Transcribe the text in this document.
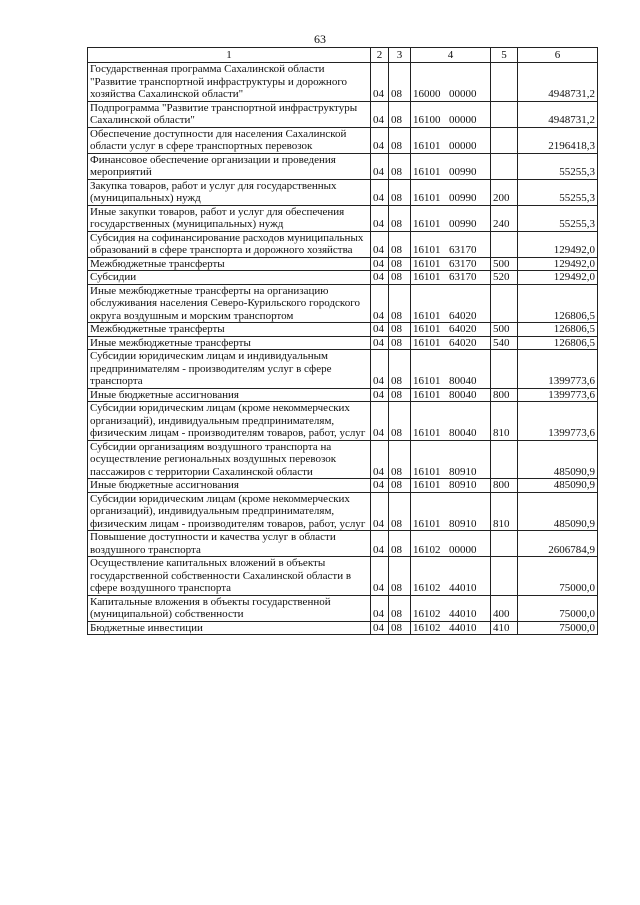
63
1	2	3	4	5	6
Государственная программа Сахалинской области "Развитие транспортной инфраструктуры и дорожного хозяйства Сахалинской области"	04	08	16000 00000		4948731,2
Подпрограмма "Развитие транспортной инфраструктуры Сахалинской области"	04	08	16100 00000		4948731,2
Обеспечение доступности для населения Сахалинской области услуг в сфере транспортных перевозок	04	08	16101 00000		2196418,3
Финансовое обеспечение организации и проведения мероприятий	04	08	16101 00990		55255,3
Закупка товаров, работ и услуг для государственных (муниципальных) нужд	04	08	16101 00990	200	55255,3
Иные закупки товаров, работ и услуг для обеспечения государственных (муниципальных) нужд	04	08	16101 00990	240	55255,3
Субсидия на софинансирование расходов муниципальных образований в сфере транспорта и дорожного хозяйства	04	08	16101 63170		129492,0
Межбюджетные трансферты	04	08	16101 63170	500	129492,0
Субсидии	04	08	16101 63170	520	129492,0
Иные межбюджетные трансферты на организацию обслуживания населения Северо-Курильского городского округа воздушным и морским транспортом	04	08	16101 64020		126806,5
Межбюджетные трансферты	04	08	16101 64020	500	126806,5
Иные межбюджетные трансферты	04	08	16101 64020	540	126806,5
Субсидии юридическим лицам и индивидуальным предпринимателям - производителям услуг в сфере транспорта	04	08	16101 80040		1399773,6
Иные бюджетные ассигнования	04	08	16101 80040	800	1399773,6
Субсидии юридическим лицам (кроме некоммерческих организаций), индивидуальным предпринимателям, физическим лицам - производителям товаров, работ, услуг	04	08	16101 80040	810	1399773,6
Субсидии организациям воздушного транспорта на осуществление региональных воздушных перевозок пассажиров с территории Сахалинской области	04	08	16101 80910		485090,9
Иные бюджетные ассигнования	04	08	16101 80910	800	485090,9
Субсидии юридическим лицам (кроме некоммерческих организаций), индивидуальным предпринимателям, физическим лицам - производителям товаров, работ, услуг	04	08	16101 80910	810	485090,9
Повышение доступности и качества услуг в области воздушного транспорта	04	08	16102 00000		2606784,9
Осуществление капитальных вложений в объекты государственной собственности Сахалинской области в сфере воздушного транспорта	04	08	16102 44010		75000,0
Капитальные вложения в объекты государственной (муниципальной) собственности	04	08	16102 44010	400	75000,0
Бюджетные инвестиции	04	08	16102 44010	410	75000,0
